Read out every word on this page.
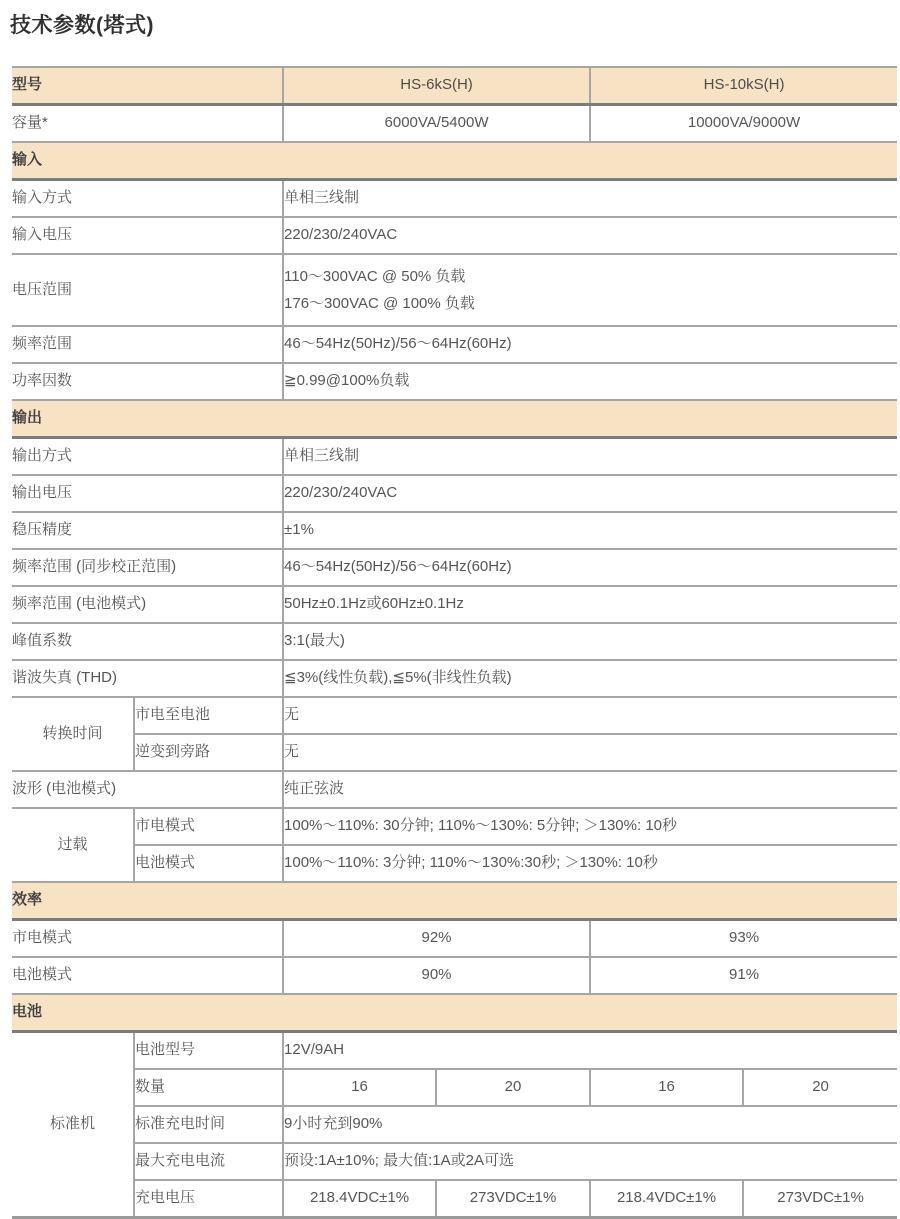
技术参数(塔式)
型号		HS-6kS(H)		HS-10kS(H)	
容量*		6000VA/5400W		10000VA/9000W	
输入					
输入方式		单相三线制			
输入电压		220/230/240VAC			
电压范围		110～300VAC @ 50% 负载
176～300VAC @ 100% 负载			

频率范围		46～54Hz(50Hz)/56～64Hz(60Hz)			
功率因数		≧0.99@100%负载			
输出					
输出方式		单相三线制			
输出电压		220/230/240VAC			
稳压精度		±1%			
频率范围 (同步校正范围)		46～54Hz(50Hz)/56～64Hz(60Hz)			
频率范围 (电池模式)		50Hz±0.1Hz或60Hz±0.1Hz			
峰值系数		3:1(最大)			
谐波失真 (THD)		≦3%(线性负载),≦5%(非线性负载)			
转换时间	市电至电池	无			
	逆变到旁路	无			
波形 (电池模式)		纯正弦波			
过载	市电模式	100%～110%: 30分钟; 110%～130%: 5分钟; ＞130%: 10秒			
	电池模式	100%～110%: 3分钟; 110%～130%:30秒; ＞130%: 10秒			
效率					
市电模式		92%		93%	
电池模式		90%		91%	
电池					
标准机	电池型号	12V/9AH			
	数量	16	20	16	20
	标准充电时间	9小时充到90%			
	最大充电电流	预设:1A±10%; 最大值:1A或2A可选			
	充电电压	218.4VDC±1%	273VDC±1%	218.4VDC±1%	273VDC±1%
